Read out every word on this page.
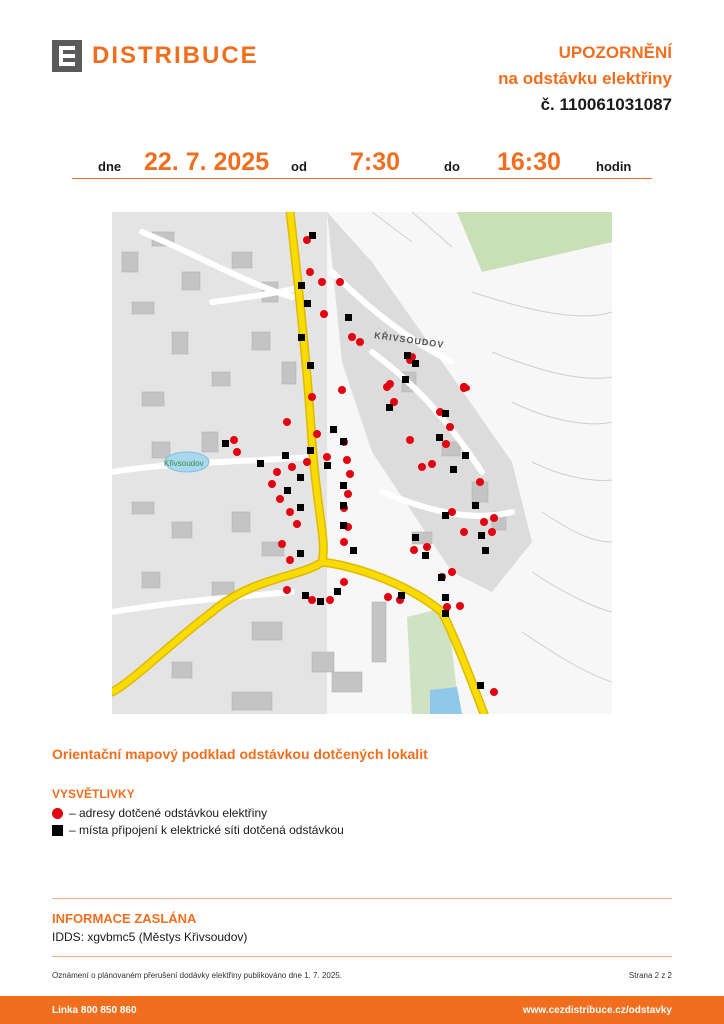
DISTRIBUCE	UPOZORNĚNÍ
na odstávku elektřiny
č. 110061031087
dne 22. 7. 2025 od 7:30	do 16:30	hodin
KŘIVSOUDOV
Křivsoudov
Orientační mapový podklad odstávkou dotčených lokalit
VYSVĚTLIVKY
– adresy dotčené odstávkou elektřiny
– místa připojení k elektrické síti dotčená odstávkou
INFORMACE ZASLÁNA
IDDS: xgvbmc5 (Městys Křivsoudov)
Oznámení o plánovaném přerušení dodávky elektřiny publikováno dne 1. 7. 2025.	Strana 2 z 2
Linka 800 850 860	www.cezdistribuce.cz/odstavky
